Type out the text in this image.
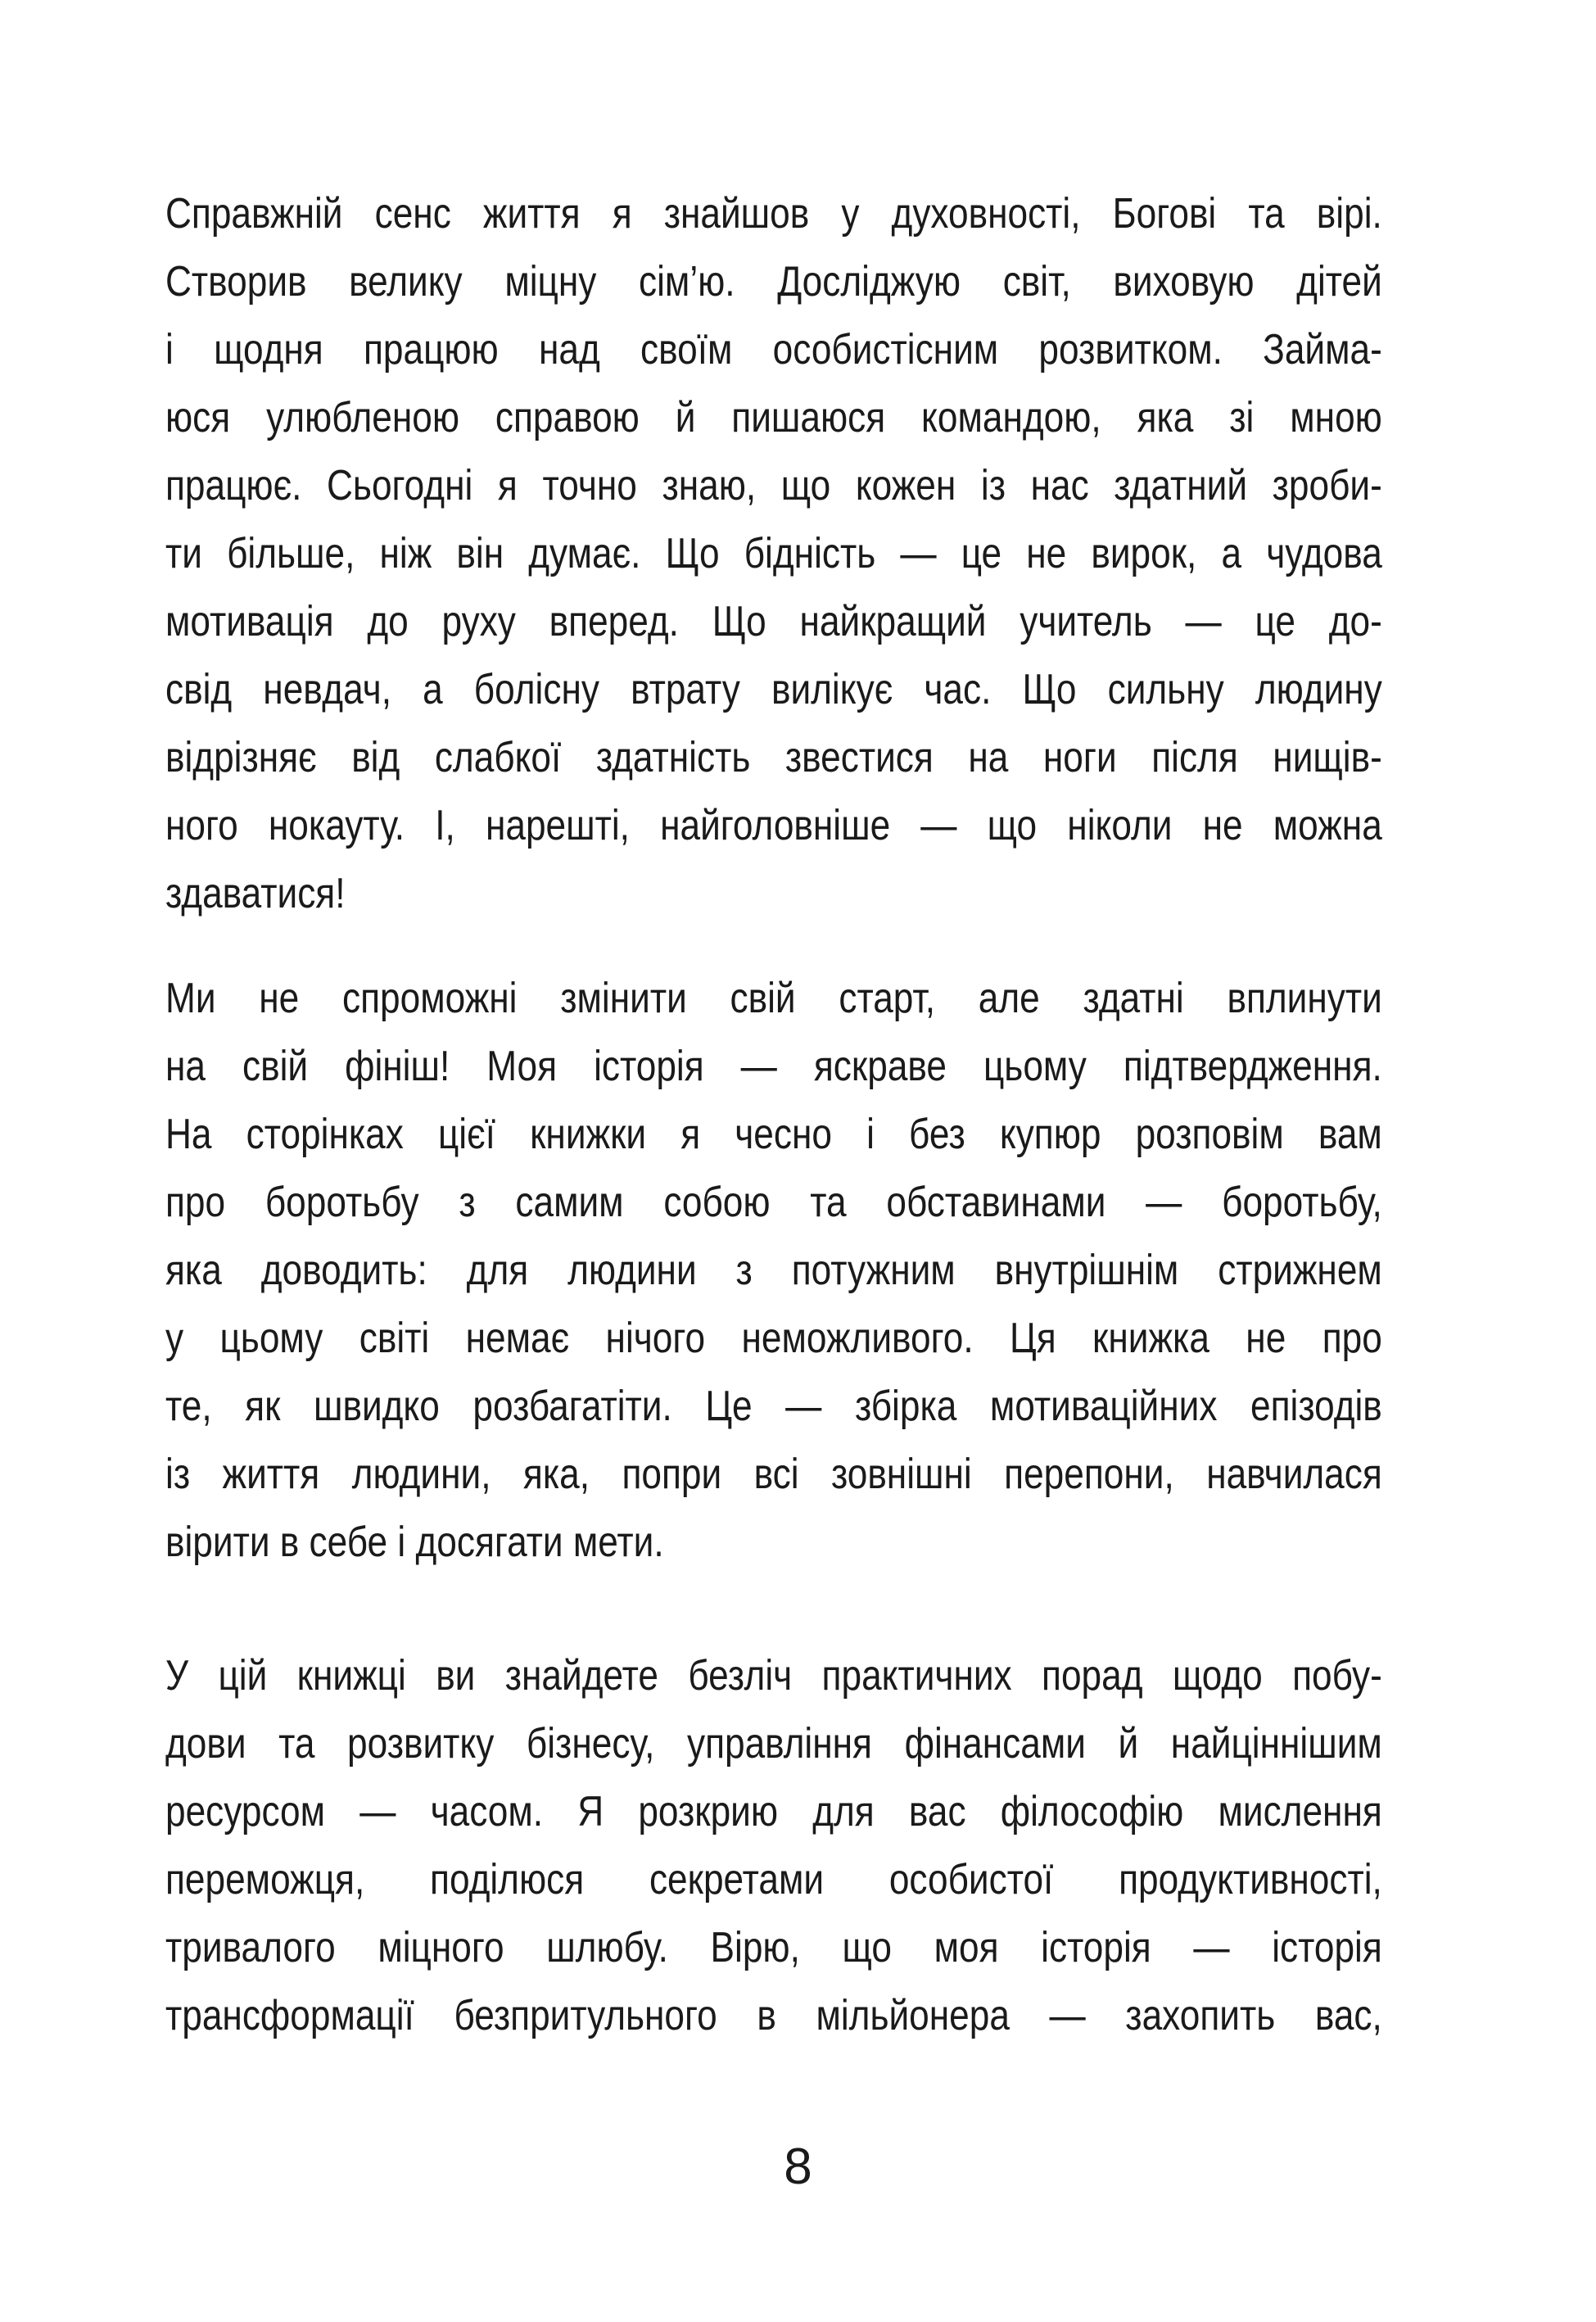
Справжній сенс життя я знайшов у духовності, Богові та вірі.
Створив велику міцну сім’ю. Досліджую світ, виховую дітей
і щодня працюю над своїм особистісним розвитком. Займа-
юся улюбленою справою й пишаюся командою, яка зі мною
працює. Сьогодні я точно знаю, що кожен із нас здатний зроби-
ти більше, ніж він думає. Що бідність — це не вирок, а чудова
мотивація до руху вперед. Що найкращий учитель — це до-
свід невдач, а болісну втрату вилікує час. Що сильну людину
відрізняє від слабкої здатність звестися на ноги після нищів-
ного нокауту. І, нарешті, найголовніше — що ніколи не можна
здаватися!
Ми не спроможні змінити свій старт, але здатні вплинути
на свій фініш! Моя історія — яскраве цьому підтвердження.
На сторінках цієї книжки я чесно і без купюр розповім вам
про боротьбу з самим собою та обставинами — боротьбу,
яка доводить: для людини з потужним внутрішнім стрижнем
у цьому світі немає нічого неможливого. Ця книжка не про
те, як швидко розбагатіти. Це — збірка мотиваційних епізодів
із життя людини, яка, попри всі зовнішні перепони, навчилася
вірити в себе і досягати мети.
У цій книжці ви знайдете безліч практичних порад щодо побу-
дови та розвитку бізнесу, управління фінансами й найціннішим
ресурсом — часом. Я розкрию для вас філософію мислення
переможця, поділюся секретами особистої продуктивності,
тривалого міцного шлюбу. Вірю, що моя історія — історія
трансформації безпритульного в мільйонера — захопить вас,
8
